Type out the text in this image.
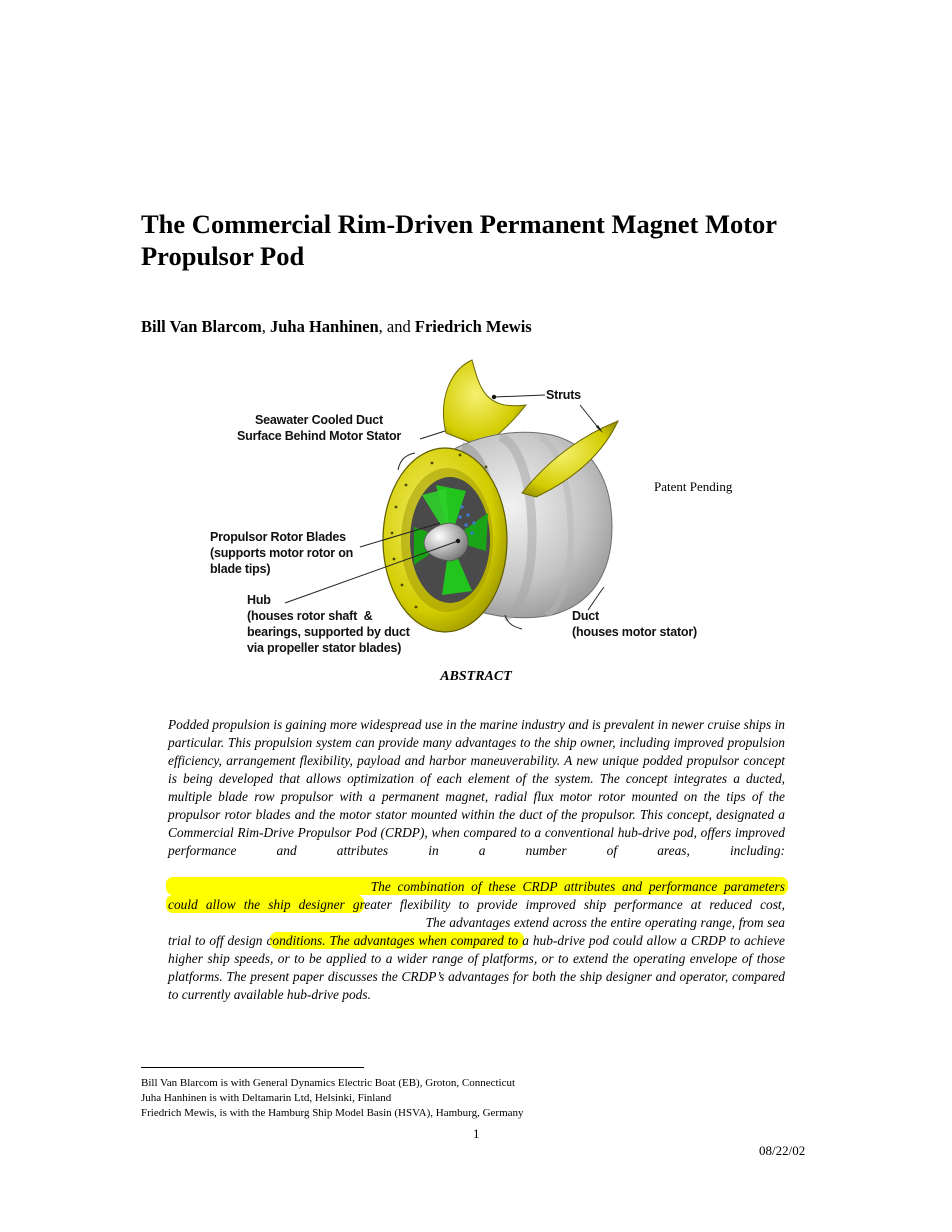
The Commercial Rim-Driven Permanent Magnet Motor Propulsor Pod
Bill Van Blarcom, Juha Hanhinen, and Friedrich Mewis
Struts
Seawater Cooled Duct
Surface Behind Motor Stator
Propulsor Rotor Blades
(supports motor rotor on
blade tips)
Hub
(houses rotor shaft  &
bearings, supported by duct
via propeller stator blades)
Duct
(houses motor stator)
Patent Pending
ABSTRACT

Podded propulsion is gaining more widespread use in the marine industry and is prevalent in newer cruise ships in particular. This propulsion system can provide many advantages to the ship owner, including improved propulsion efficiency, arrangement flexibility, payload and harbor maneuverability. A new unique podded propulsor concept is being developed that allows optimization of each element of the system. The concept integrates a ducted, multiple blade row propulsor with a permanent magnet, radial flux motor rotor mounted on the tips of the propulsor rotor blades and the motor stator mounted within the duct of the propulsor. This concept, designated a Commercial Rim-Drive Propulsor Pod (CRDP), when compared to a conventional hub-drive pod, offers improved performance and attributes in a number of areas, including: The combination of these CRDP attributes and performance parameters could allow the ship designer greater flexibility to provide improved ship performance at reduced cost,  The advantages extend across the entire operating range, from sea trial to off design conditions. The advantages when compared to a hub-drive pod could allow a CRDP to achieve higher ship speeds, or to be applied to a wider range of platforms, or to extend the operating envelope of those platforms. The present paper discusses the CRDP’s advantages for both the ship designer and operator, compared to currently available hub-drive pods.

Bill Van Blarcom is with General Dynamics Electric Boat (EB), Groton, Connecticut
Juha Hanhinen is with Deltamarin Ltd, Helsinki, Finland
Friedrich Mewis, is with the Hamburg Ship Model Basin (HSVA), Hamburg, Germany
1
08/22/02
